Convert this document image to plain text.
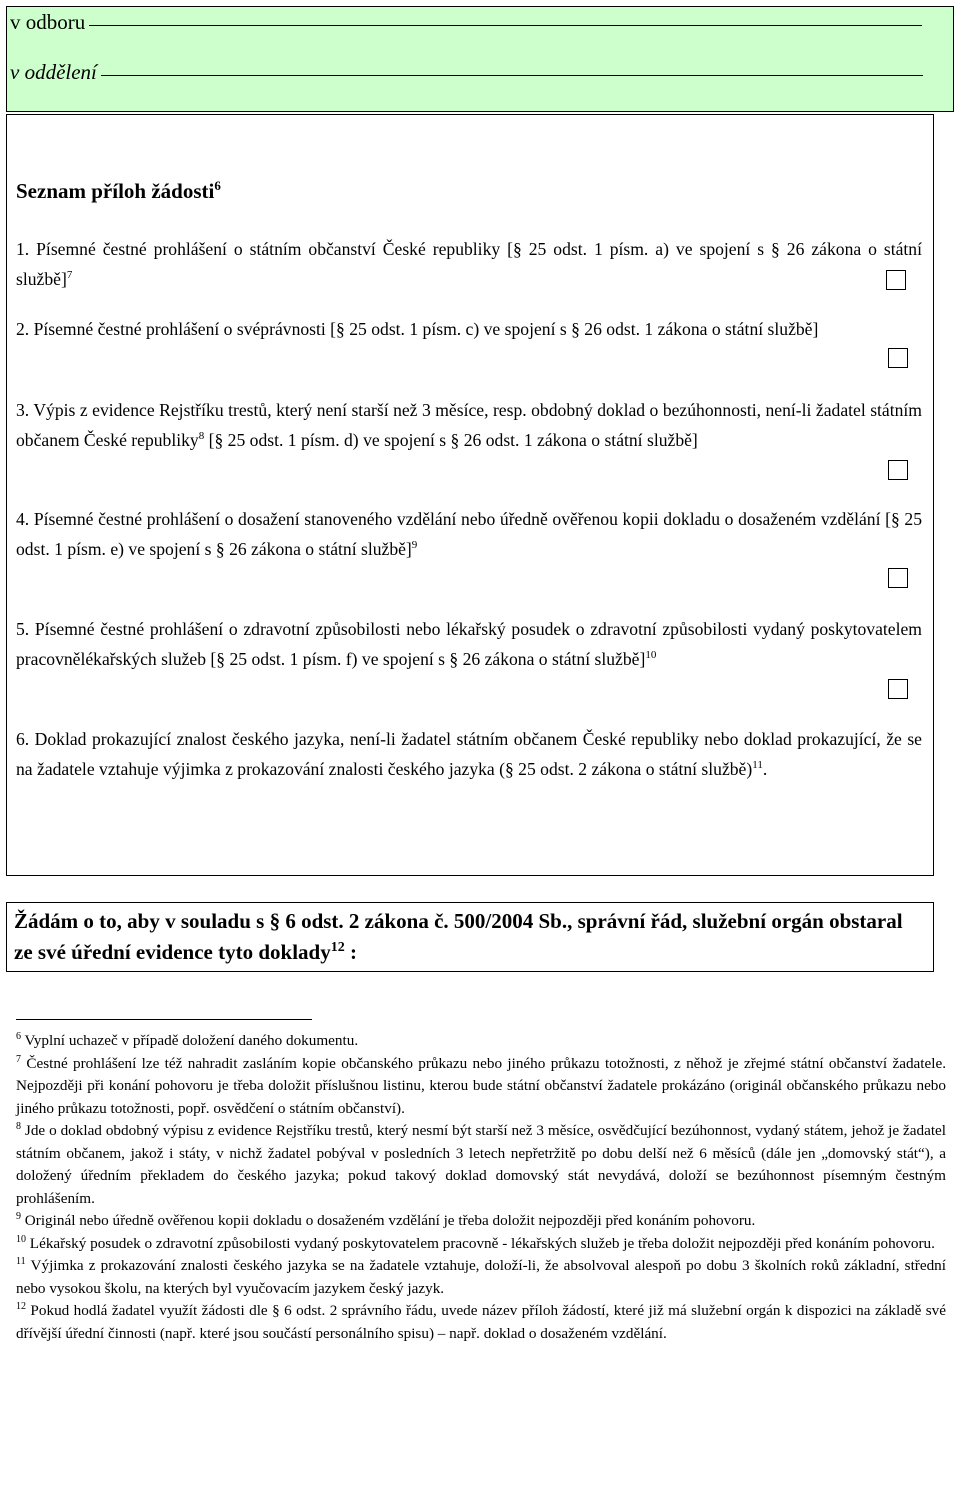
v odboru
v oddělení
Seznam příloh žádosti$^6$
1. Písemné čestné prohlášení o státním občanství České republiky [§ 25 odst. 1 písm. a) ve spojení s § 26 zákona o státní službě]$^7$
2. Písemné čestné prohlášení o svéprávnosti [§ 25 odst. 1 písm. c) ve spojení s § 26 odst. 1 zákona o státní službě]
3. Výpis z evidence Rejstříku trestů, který není starší než 3 měsíce, resp. obdobný doklad o bezúhonnosti, není-li žadatel státním občanem České republiky$^8$ [§ 25 odst. 1 písm. d) ve spojení s § 26 odst. 1 zákona o státní službě]
4. Písemné čestné prohlášení o dosažení stanoveného vzdělání nebo úředně ověřenou kopii dokladu o dosaženém vzdělání [§ 25 odst. 1 písm. e) ve spojení s § 26 zákona o státní službě]$^9$
5. Písemné čestné prohlášení o zdravotní způsobilosti nebo lékařský posudek o zdravotní způsobilosti vydaný poskytovatelem pracovnělékařských služeb [§ 25 odst. 1 písm. f) ve spojení s § 26 zákona o státní službě]$^{10}$
6. Doklad prokazující znalost českého jazyka, není-li žadatel státním občanem České republiky nebo doklad prokazující, že se na žadatele vztahuje výjimka z prokazování znalosti českého jazyka (§ 25 odst. 2 zákona o státní službě)$^{11}$.
Žádám o to, aby v souladu s § 6 odst. 2 zákona č. 500/2004 Sb., správní řád, služební orgán obstaral ze své úřední evidence tyto doklady$^{12}$ :

$^6$ Vyplní uchazeč v případě doložení daného dokumentu.

$^7$ Čestné prohlášení lze též nahradit zasláním kopie občanského průkazu nebo jiného průkazu totožnosti, z něhož je zřejmé státní občanství žadatele. Nejpozději při konání pohovoru je třeba doložit příslušnou listinu, kterou bude státní občanství žadatele prokázáno (originál občanského průkazu nebo jiného průkazu totožnosti, popř. osvědčení o státním občanství).

$^8$ Jde o doklad obdobný výpisu z evidence Rejstříku trestů, který nesmí být starší než 3 měsíce, osvědčující bezúhonnost, vydaný státem, jehož je žadatel státním občanem, jakož i státy, v nichž žadatel pobýval v posledních 3 letech nepřetržitě po dobu delší než 6 měsíců (dále jen „domovský stát“), a doložený úředním překladem do českého jazyka; pokud takový doklad domovský stát nevydává, doloží se bezúhonnost písemným čestným prohlášením.

$^9$ Originál nebo úředně ověřenou kopii dokladu o dosaženém vzdělání je třeba doložit nejpozději před konáním pohovoru.

$^{10}$ Lékařský posudek o zdravotní způsobilosti vydaný poskytovatelem pracovně - lékařských služeb je třeba doložit nejpozději před konáním pohovoru.

$^{11}$ Výjimka z prokazování znalosti českého jazyka se na žadatele vztahuje, doloží-li, že absolvoval alespoň po dobu 3 školních roků základní, střední nebo vysokou školu, na kterých byl vyučovacím jazykem český jazyk.

$^{12}$ Pokud hodlá žadatel využít žádosti dle § 6 odst. 2 správního řádu, uvede název příloh žádostí, které již má služební orgán k dispozici na základě své dřívější úřední činnosti (např. které jsou součástí personálního spisu) – např. doklad o dosaženém vzdělání.
